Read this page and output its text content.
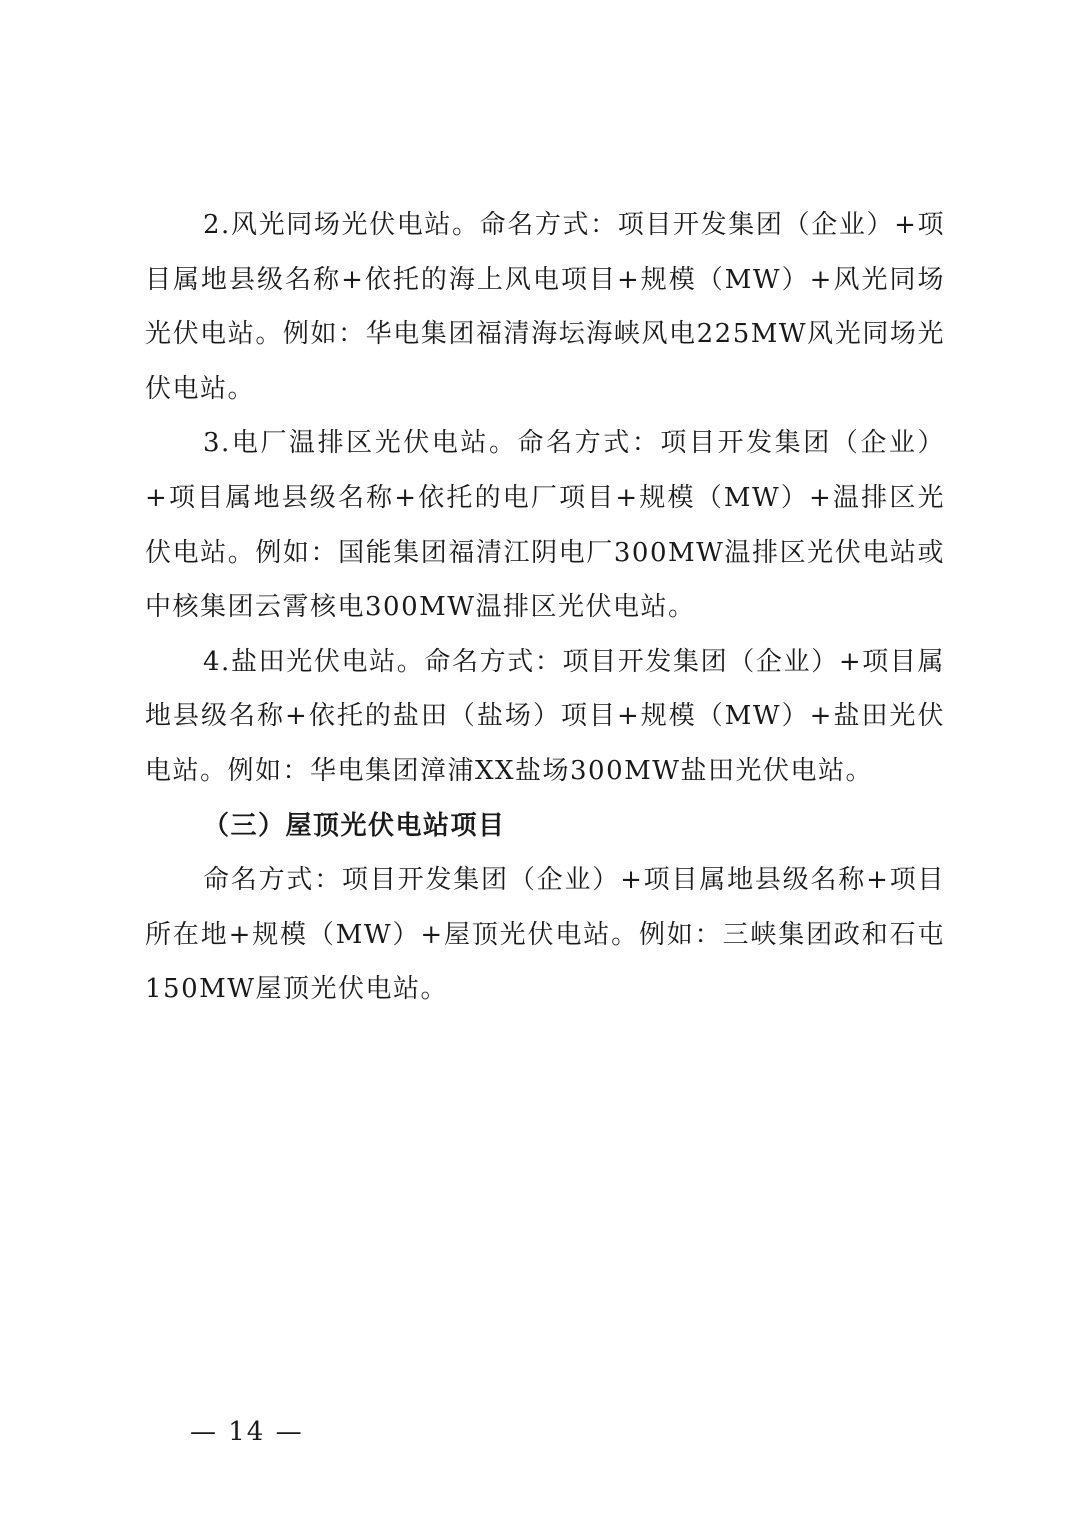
2.风光同场光伏电站。命名方式：项目开发集团（企业）+项目属地县级名称+依托的海上风电项目+规模（MW）+风光同场光伏电站。例如：华电集团福清海坛海峡风电225MW风光同场光伏电站。

3.电厂温排区光伏电站。命名方式：项目开发集团（企业）+项目属地县级名称+依托的电厂项目+规模（MW）+温排区光伏电站。例如：国能集团福清江阴电厂300MW温排区光伏电站或中核集团云霄核电300MW温排区光伏电站。

4.盐田光伏电站。命名方式：项目开发集团（企业）+项目属地县级名称+依托的盐田（盐场）项目+规模（MW）+盐田光伏电站。例如：华电集团漳浦XX盐场300MW盐田光伏电站。

（三）屋顶光伏电站项目

命名方式：项目开发集团（企业）+项目属地县级名称+项目所在地+规模（MW）+屋顶光伏电站。例如：三峡集团政和石屯150MW屋顶光伏电站。

— 14 —
